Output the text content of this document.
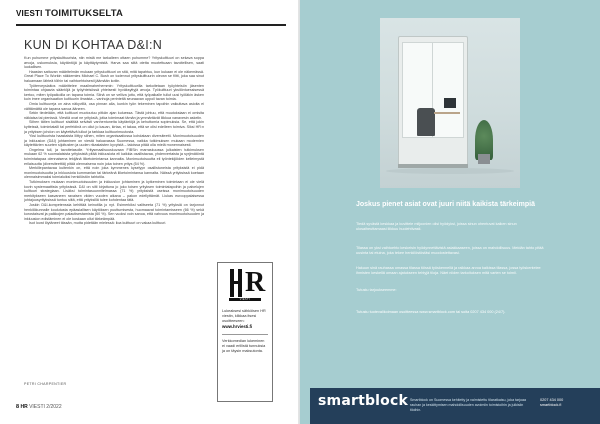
VIESTI TOIMITUKSELTA
KUN DI KOHTAA D&I:N

Kun puhumme yrityskulttuurista, niin mistä me tarkalleen ottaen puhumme? Yrityskulttuuri on sekava soppa arvoja, uskomuksia, käytäntöjä ja käyttäytymistä. Harva saa siitä otetta muotettuaan tavoitellisen, saati luokallisen.

Haastan sattuvan määritelmän mukaan yrityskulttuuri on sitä, mitä tapahtuu, kun kukaan ei ole näkemässä. Great Place To Workin näkkemies Michael C. Bush on todennut yrityskulttuurin olevan se filtti, joka saa sinut haluamaan lähteä töihin tai vaihtoehtoisesti jäämään kotiin.

Työterveyslaitos määrittelee maailmaherhemmin: Yrityskulttuurilla tarkoitetaan työyhteisön jäsenten toimintaa ohjaavia sääntöjä ja työyhteisössä yhteisesti hyväksyttyjä arvoja. Työkulttuuri yksilöntuessisessä kertoo, miten työpaikoilla on tapana toimia. Siinä on se velliva juttu, että työpaikalle tullut uusi työläkin äsken kuin imee organisaation kulttuurin ilmaista – vanhoja perinteitä seuraavan uppoil tavan toimia.

Omia kulttuureja on aina näkyvillä, osa pinnan alla, kunkin työn tekeminen tapoihin vaikuttava asioita ei välttämättä ole tapana sanoa ääneen.

Sekin tiedetään, että kulttuuri muotoutuu pitkän ajan kuluessa. Tästä johtuu, että muutoksiaan ei omisita näkiaisa tai pienissä. Viestiä ovat ne yrityksiä, jotka toimimaat tämän ja ymmärtävät liikkua vanavesin askelin.

Siihen tätien kulttuuri sisältää selvästi vanhentuneita käytäntöjä ja kehuttomia sopimuksia. Se, että jokin kytteissä, toimintatalli tai perfeldinä on ollut jo kauan, kirtaa, ei takaa, että se olisi edelleen toimiva. Siksi HR:n ja yrityksen johdon on käytettävä lulkut ja tarkkaa kulttuurimuutosta.

Yksi kulttuurista haastaista liittyy siihen, miten organisaatiossa kohdataan diversiteetti. Monimuotoisuuden ja inkluusion (D&I) johtaminen on viestä haluavassa Suomessa, vaikka tutkimuksen mukaan modernien käytettävien suurten sijoitusten ja uuden rikastaisten kyvyistä – taloissa pitää olla mielä monennaisesti.

Ongelma tuli, ja tavoitetasolle. Yritysmaalisuuskuvaan FIBSin marraskuussa julkaisten tutkimuksen mukaan 62 % suomalaisista yrityksistä pitää inkluusiota eli kaikkia osallistavaa, yhdenvertaista ja syrjimätöntä toimintatapaa olennaisena tekijänä liiketoimintansa kannalta. Monimuotoisuutta eli työntekijöiden kelleimystä erilaisuutta (diversiteettiä) pitää olennaisena noin joka toinen yritys (54 %).

Merkillepantavaa kuitenkin on, että noin joka kymmenes kyselyyn osallistuneista yrityksistä ei pidä monimuotoisuutta ja inkluusiota kummanlan tai tärkeänä liiketoimintansa kannalta. Näissä yrityksissä koetaan olennaisimmaksi toimialuiksi henkilöstön tahtotila.

Tutkimuksen mukaan monimuotoisuuden ja inkluusion johtaminen ja kytkeminen toimintaan ei ole vielä kovin systemaattista yrityksissä. D&I on silti kirjattuna jo joko toisen yrityksen toimintatapoihin ja palvelujen kulttuuri strategiaan. Lisäksi toimintasuunnitelmassa (71 %) yrityksistä useissa monimuotoisuuden merkitykseen kasvaneen ravaisen viiden vuoden aikana – pakon edellyttämät. Liukas eurooppalaisessa johtajuusyrityksissä tuntuu siitä, että yrityksillä tulee kohdentaa tätä.

Joskin D&I-kompetenssia kehittää keinotilla jo nyt. Esimerkiksi valitseeta (71 %) yrityksiä on tarjonnut henkilökunnalle koulutusta epäasiallisen käytöksen puuttumisesta, huomaavat toimintamisseen (66 %) sekä korostaisvat ja paikkojen palautisestamista (60 %). Sen vuoksi voin sanoa, että vahvuus monimuotoisuuden ja inkluusion edistäminen ei ole koskaan ollut tärkeämpää.

Isot lovat löytäneet tässän, mutta pidetään mielessä: iloa kulttuuri on vakaa kulttuuri.

PETRI CHARPENTIER
R
VIESTI
Lukeaksesi sähköisen HR viestin, klikkaa itsesi osoitteeseen:
www.hrviesti.fi
Verkkomedian lukeminen ei vaadi erillistä tunnuksia ja on täysin maksutonta.
8 HR VIESTI 2/2022
Joskus pienet asiat ovat juuri niitä kaikista tärkeimpiä
Tiedä syvästä keskkaa ja kuvittele miljoonien olisi hyödyksi, joissa sinun ohentuvat kaiken sinun ulosaiheuttamaasi liikkuu huolehtivasti.
Tilassa on yksi vaihtoehto keskeisin hyödynnettävistä asiakkaaseen, joissa on mahdollisuus. Meidän tahto pitää uusinta tai etuina, joka tekee henkilöstöstäsi muodostettavasi.
Hakuun sinä rauhassa omassa tilassa töissä työskennellä ja raikkaa arvoa kaikissa tilassa, jossa työskentelee ihmisten keskellä omaan ajatukseen tehtyjä tiloja. Näet niiden tarkoituksen mitä varten se toimii.
Tutustu tarjoukseemme:
Tutustu tuotevalikoimaan osoitteessa www.smartblock.com tai soita 0207 434 000 (24/7).
smartblock Smartblock on Suomessa kehitetty ja valmistettu tilaratkaisu, joka tarjoaa rauhan ja keskittymisen mahdollisuuden avoimiin toimistoihin ja julkisiin tiloihin.
0207 434 000
smartblock.fi
